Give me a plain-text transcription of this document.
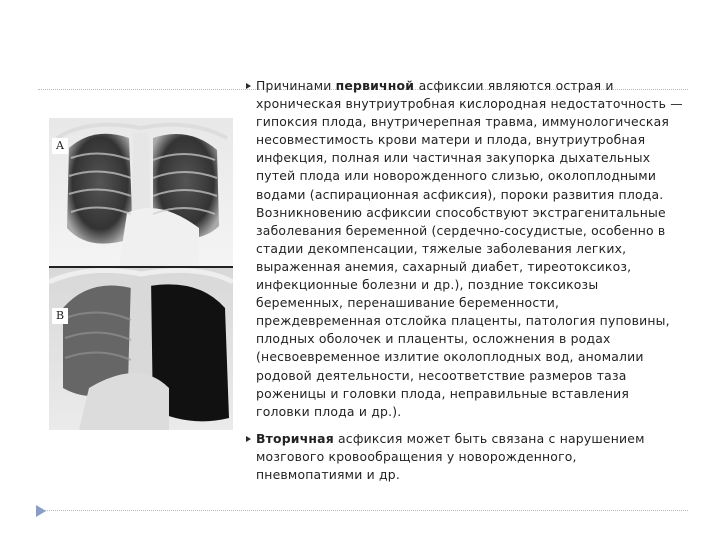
A
B

Причинами первичной асфиксии являются острая и хроническая внутриутробная кислородная недостаточность — гипоксия плода, внутричерепная травма, иммунологическая несовместимость крови матери и плода, внутриутробная инфекция, полная или частичная закупорка дыхательных путей плода или новорожденного слизью, околоплодными водами (аспирационная асфиксия), пороки развития плода. Возникновению асфиксии способствуют экстрагенитальные заболевания беременной (сердечно-сосудистые, особенно в стадии декомпенсации, тяжелые заболевания легких, выраженная анемия, сахарный диабет, тиреотоксикоз, инфекционные болезни и др.), поздние токсикозы беременных, перенашивание беременности, преждевременная отслойка плаценты, патология пуповины, плодных оболочек и плаценты, осложнения в родах (несвоевременное излитие околоплодных вод, аномалии родовой деятельности, несоответствие размеров таза роженицы и головки плода, неправильные вставления головки плода и др.).

Вторичная асфиксия может быть связана с нарушением мозгового кровообращения у новорожденного, пневмопатиями и др.
